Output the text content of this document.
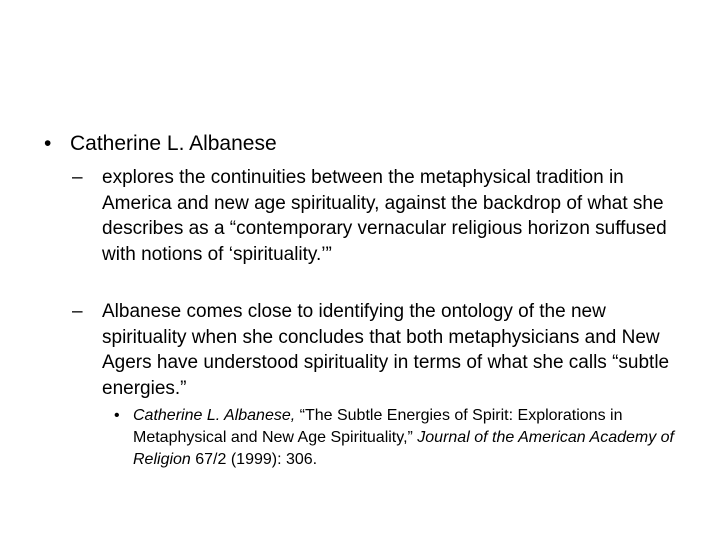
• Catherine L. Albanese
–	explores the continuities between the metaphysical tradition in America and new age spirituality, against the backdrop of what she describes as a “contemporary vernacular religious horizon suffused with notions of ‘spirituality.’”
–	Albanese comes close to identifying the ontology of the new spirituality when she concludes that both metaphysicians and New Agers have understood spirituality in terms of what she calls “subtle energies.”
• Catherine L. Albanese, “The Subtle Energies of Spirit: Explorations in Metaphysical and New Age Spirituality,” Journal of the American Academy of Religion 67/2 (1999): 306.
